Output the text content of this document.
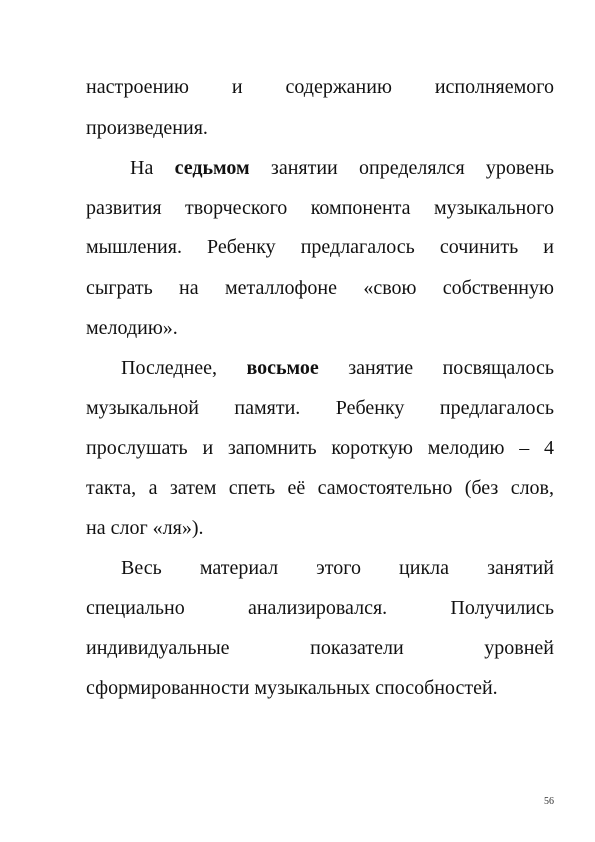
настроению и содержанию исполняемого
произведения.
На седьмом занятии определялся уровень
развития творческого компонента музыкального
мышления. Ребенку предлагалось сочинить и
сыграть на металлофоне «свою собственную
мелодию».
Последнее, восьмое занятие посвящалось
музыкальной памяти. Ребенку предлагалось
прослушать и запомнить короткую мелодию – 4
такта, а затем спеть её самостоятельно (без слов,
на слог «ля»).
Весь материал этого цикла занятий
специально	анализировался.	Получились
индивидуальные	показатели	уровней
сформированности музыкальных способностей.
56
